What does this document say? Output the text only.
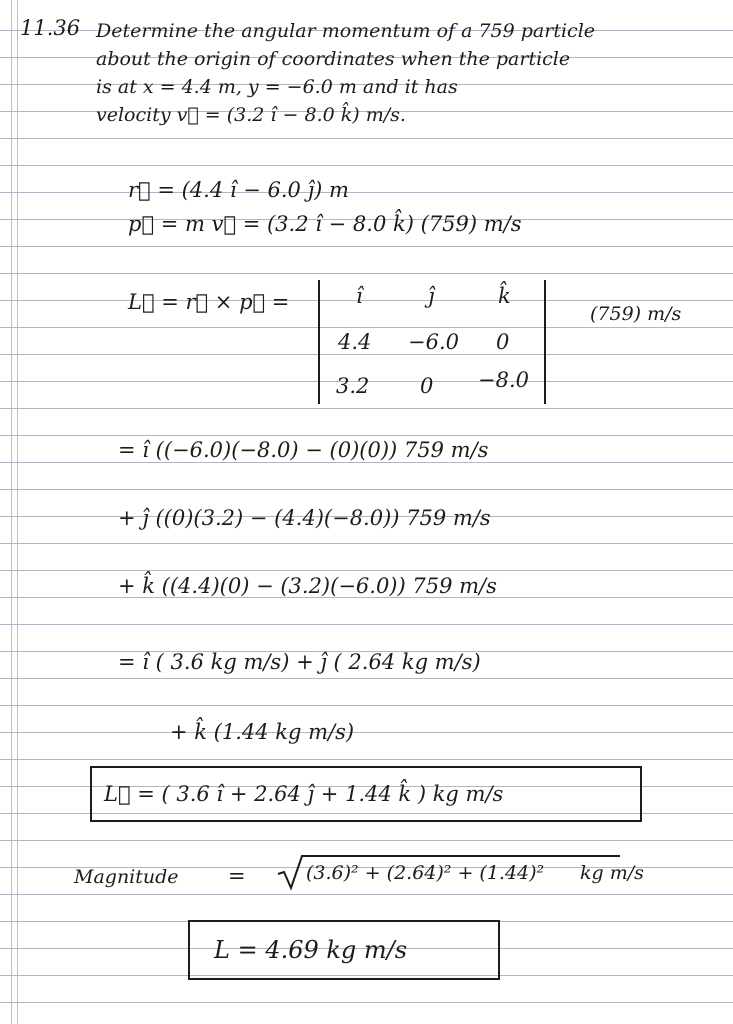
11.36 Determine the angular momentum of a 759 particle
about the origin of coordinates when the particle
is at x = 4.4 m, y = −6.0 m and it has
velocity v⃗ = (3.2 î − 8.0 k̂) m/s.
r⃗ = (4.4 î − 6.0 ĵ) m
p⃗ = m v⃗ = (3.2 î − 8.0 k̂) (759) m/s
L⃗ = r⃗ × p⃗ =	î	ĵ	k̂
4.4 −6.0 0
3.2 0 −8.0
(759) m/s
= î ((−6.0)(−8.0) − (0)(0)) 759 m/s
+ ĵ ((0)(3.2) − (4.4)(−8.0)) 759 m/s
+ k̂ ((4.4)(0) − (3.2)(−6.0)) 759 m/s
= î ( 3.6 kg m/s) + ĵ ( 2.64 kg m/s)
+ k̂ (1.44 kg m/s)
L⃗ = ( 3.6 î + 2.64 ĵ + 1.44 k̂ ) kg m/s
Magnitude =	(3.6)² + (2.64)² + (1.44)² kg m/s
L = 4.69 kg m/s
